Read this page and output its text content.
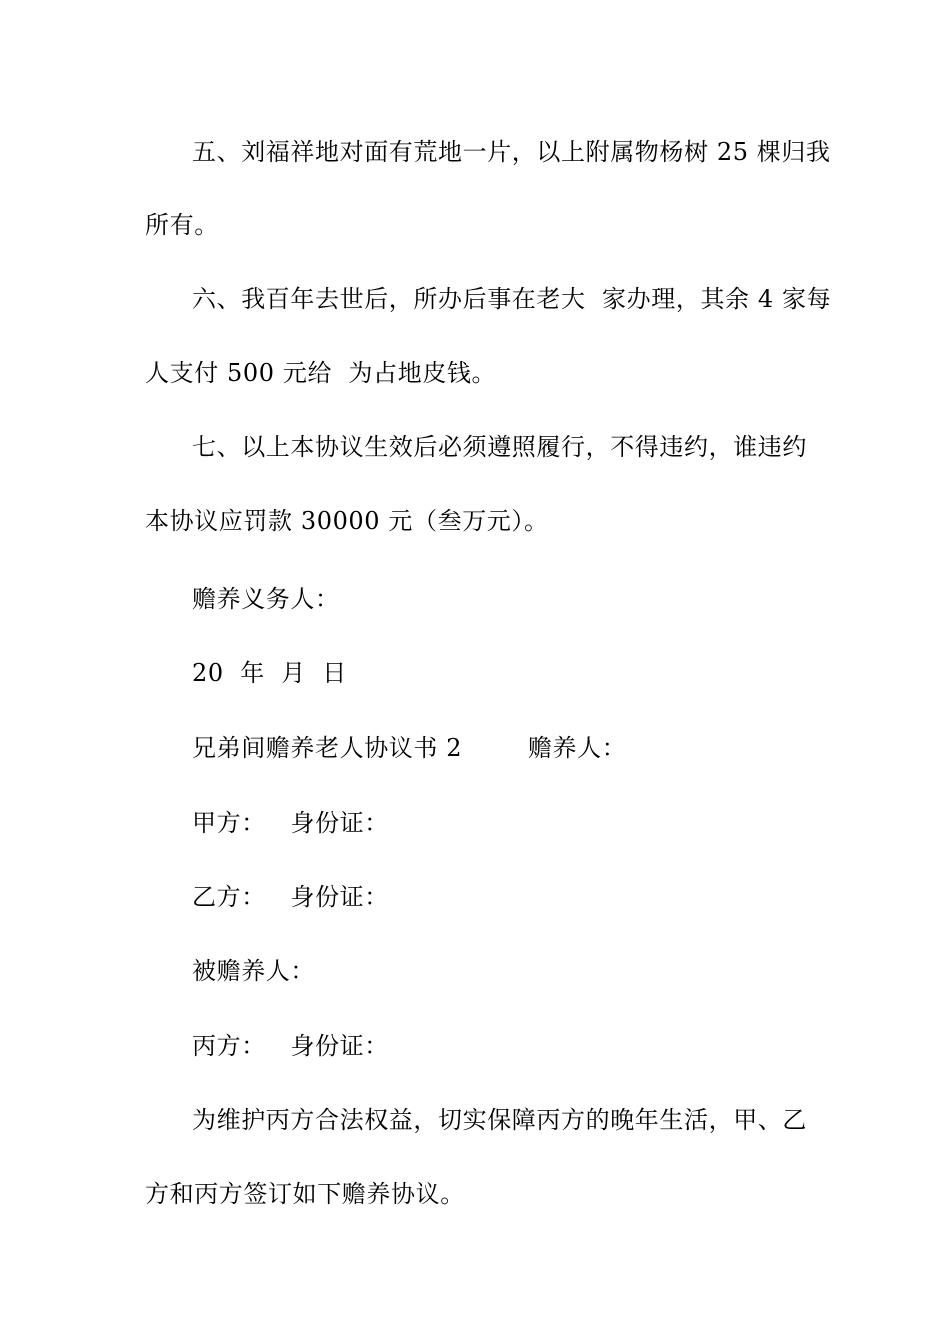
五、刘福祥地对面有荒地一片，以上附属物杨树 25 棵归我
所有。
六、我百年去世后，所办后事在老大  家办理，其余 4 家每
人支付 500 元给  为占地皮钱。
七、以上本协议生效后必须遵照履行，不得违约，谁违约
本协议应罚款 30000 元（叁万元）。
赡养义务人：
20  年  月  日
兄弟间赡养老人协议书 2        赡养人：
甲方：   身份证：
乙方：   身份证：
被赡养人：
丙方：   身份证：
为维护丙方合法权益，切实保障丙方的晚年生活，甲、乙
方和丙方签订如下赡养协议。
